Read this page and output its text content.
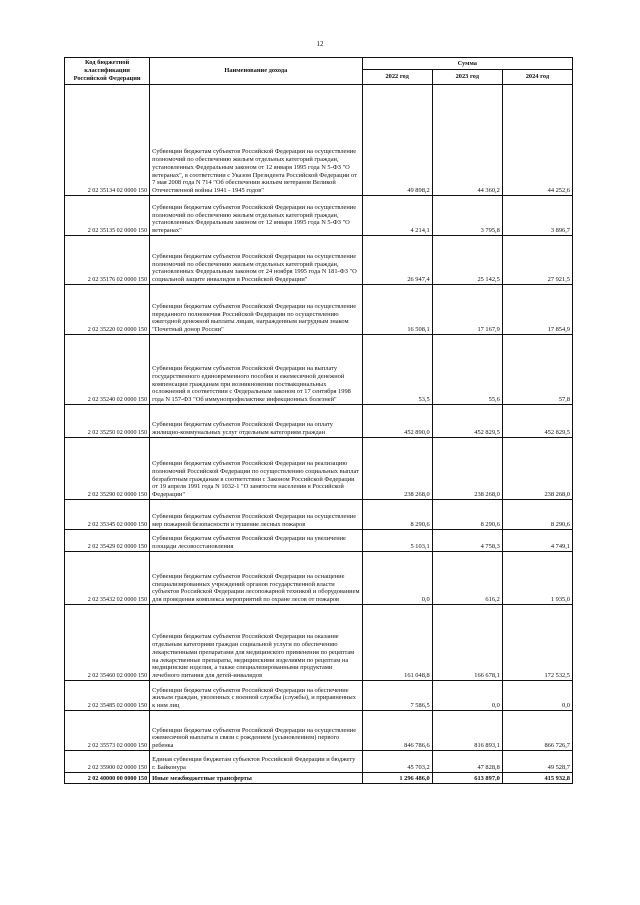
12
Код бюджетной классификации Российской Федерации	Наименование дохода	Сумма		
		2022 год	2023 год	2024 год
2 02 35134 02 0000 150	Субвенции бюджетам субъектов Российской Федерации на осуществление полномочий по обеспечению жильем отдельных категорий граждан, установленных Федеральным законом от 12 января 1995 года N 5-ФЗ "О ветеранах", в соответствии с Указом Президента Российской Федерации от 7 мая 2008 года N 714 "Об обеспечении жильем ветеранов Великой Отечественной войны 1941 - 1945 годов"	49 898,2	44 360,2	44 252,6
2 02 35135 02 0000 150	Субвенции бюджетам субъектов Российской Федерации на осуществление полномочий по обеспечению жильем отдельных категорий граждан, установленных Федеральным законом от 12 января 1995 года N 5-ФЗ "О ветеранах"	4 214,1	3 795,8	3 896,7
2 02 35176 02 0000 150	Субвенции бюджетам субъектов Российской Федерации на осуществление полномочий по обеспечению жильем отдельных категорий граждан, установленных Федеральным законом от 24 ноября 1995 года N 181-ФЗ "О социальной защите инвалидов в Российской Федерации"	26 947,4	25 142,5	27 921,5
2 02 35220 02 0000 150	Субвенции бюджетам субъектов Российской Федерации на осуществление переданного полномочия Российской Федерации по осуществлению ежегодной денежной выплаты лицам, награжденным нагрудным знаком "Почетный донор России"	16 508,1	17 167,9	17 854,9
2 02 35240 02 0000 150	Субвенции бюджетам субъектов Российской Федерации на выплату государственного единовременного пособия и ежемесячной денежной компенсации гражданам при возникновении поствакцинальных осложнений в соответствии с Федеральным законом от 17 сентября 1998 года N 157-ФЗ "Об иммунопрофилактике инфекционных болезней"	53,5	55,6	57,8
2 02 35250 02 0000 150	Субвенции бюджетам субъектов Российской Федерации на оплату жилищно-коммунальных услуг отдельным категориям граждан	452 890,0	452 829,5	452 829,5
2 02 35290 02 0000 150	Субвенции бюджетам субъектов Российской Федерации на реализацию полномочий Российской Федерации по осуществлению социальных выплат безработным гражданам в соответствии с Законом Российской Федерации от 19 апреля 1991 года N 1032-1 "О занятости населения в Российской Федерации"	238 268,0	238 268,0	238 268,0
2 02 35345 02 0000 150	Субвенции бюджетам субъектов Российской Федерации на осуществление мер пожарной безопасности и тушение лесных пожаров	8 290,6	8 290,6	8 290,6
2 02 35429 02 0000 150	Субвенции бюджетам субъектов Российской Федерации на увеличение площади лесовосстановления	5 103,1	4 758,3	4 749,1
2 02 35432 02 0000 150	Субвенции бюджетам субъектов Российской Федерации на оснащение специализированных учреждений органов государственной власти субъектов Российской Федерации лесопожарной техникой и оборудованием для проведения комплекса мероприятий по охране лесов от пожаров	0,0	616,2	1 935,0
2 02 35460 02 0000 150	Субвенции бюджетам субъектов Российской Федерации на оказание отдельным категориям граждан социальной услуги по обеспечению лекарственными препаратами для медицинского применения по рецептам на лекарственные препараты, медицинскими изделиями по рецептам на медицинские изделия, а также специализированными продуктами лечебного питания для детей-инвалидов	161 048,8	166 678,1	172 532,5
2 02 35485 02 0000 150	Субвенции бюджетам субъектов Российской Федерации на обеспечение жильем граждан, уволенных с военной службы (службы), и приравненных к ним лиц	7 586,5	0,0	0,0
2 02 35573 02 0000 150	Субвенции бюджетам субъектов Российской Федерации на осуществление ежемесячной выплаты в связи с рождением (усыновлением) первого ребенка	846 786,6	816 893,1	866 726,7
2 02 35900 02 0000 150	Единая субвенция бюджетам субъектов Российской Федерации и бюджету г. Байконура	45 703,2	47 828,8	49 528,7
2 02 40000 00 0000 150	Иные межбюджетные трансферты	1 296 486,0	613 897,0	415 932,8
